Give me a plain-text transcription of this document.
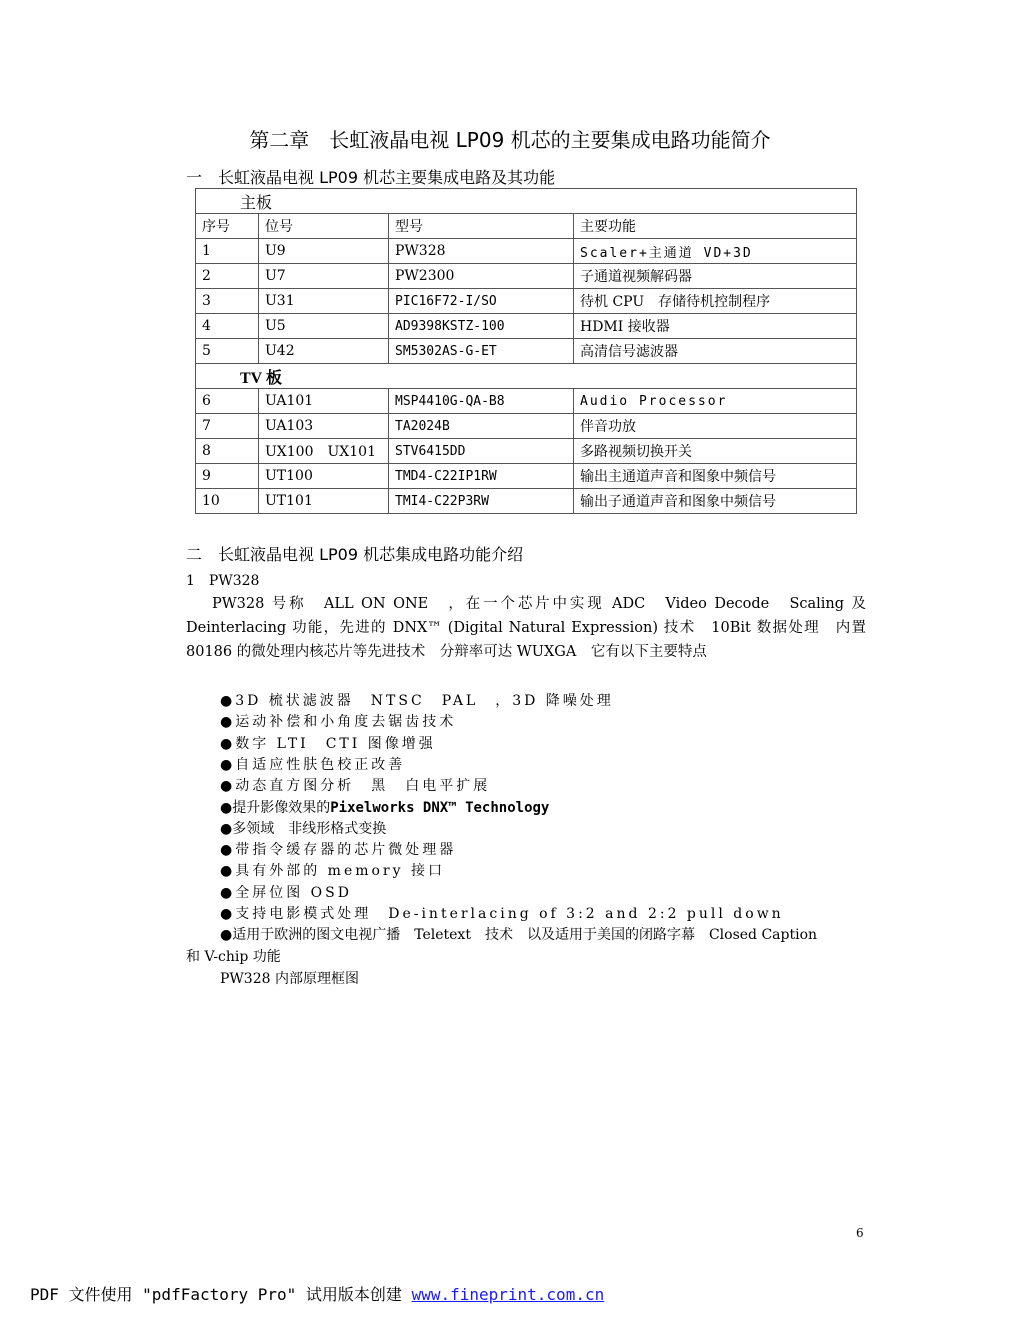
第二章　长虹液晶电视 LP09 机芯的主要集成电路功能简介
一　长虹液晶电视 LP09 机芯主要集成电路及其功能
主板			
序号	位号	型号	主要功能
1	U9	PW328	Scaler+主通道 VD+3D
2	U7	PW2300	子通道视频解码器
3	U31	PIC16F72-I/SO	待机 CPU　存储待机控制程序
4	U5	AD9398KSTZ-100	HDMI 接收器
5	U42	SM5302AS-G-ET	高清信号滤波器
TV 板			
6	UA101	MSP4410G-QA-B8	Audio Processor
7	UA103	TA2024B	伴音功放
8	UX100　UX101	STV6415DD	多路视频切换开关
9	UT100	TMD4-C22IP1RW	输出主通道声音和图象中频信号
10	UT101	TMI4-C22P3RW	输出子通道声音和图象中频信号
二　长虹液晶电视 LP09 机芯集成电路功能介绍
1　PW328
PW328 号称　ALL ON ONE　，在一个芯片中实现 ADC　Video Decode　Scaling 及 Deinterlacing 功能，先进的 DNX™ (Digital Natural Expression) 技术　10Bit 数据处理　内置 80186 的微处理内核芯片等先进技术　分辩率可达 WUXGA　它有以下主要特点
●3D 梳状滤波器　NTSC　PAL　，3D 降噪处理
●运动补偿和小角度去锯齿技术
●数字 LTI　CTI 图像增强
●自适应性肤色校正改善
●动态直方图分析　黑　白电平扩展
●提升影像效果的Pixelworks DNX™ Technology
●多领域　非线形格式变换
●带指令缓存器的芯片微处理器
●具有外部的 memory 接口
●全屏位图 OSD
●支持电影模式处理　De-interlacing of 3:2 and 2:2 pull down
●适用于欧洲的图文电视广播　Teletext　技术　以及适用于美国的闭路字幕　Closed Caption
和 V-chip 功能
PW328 内部原理框图
6
PDF 文件使用 "pdfFactory Pro" 试用版本创建 www.fineprint.com.cn
